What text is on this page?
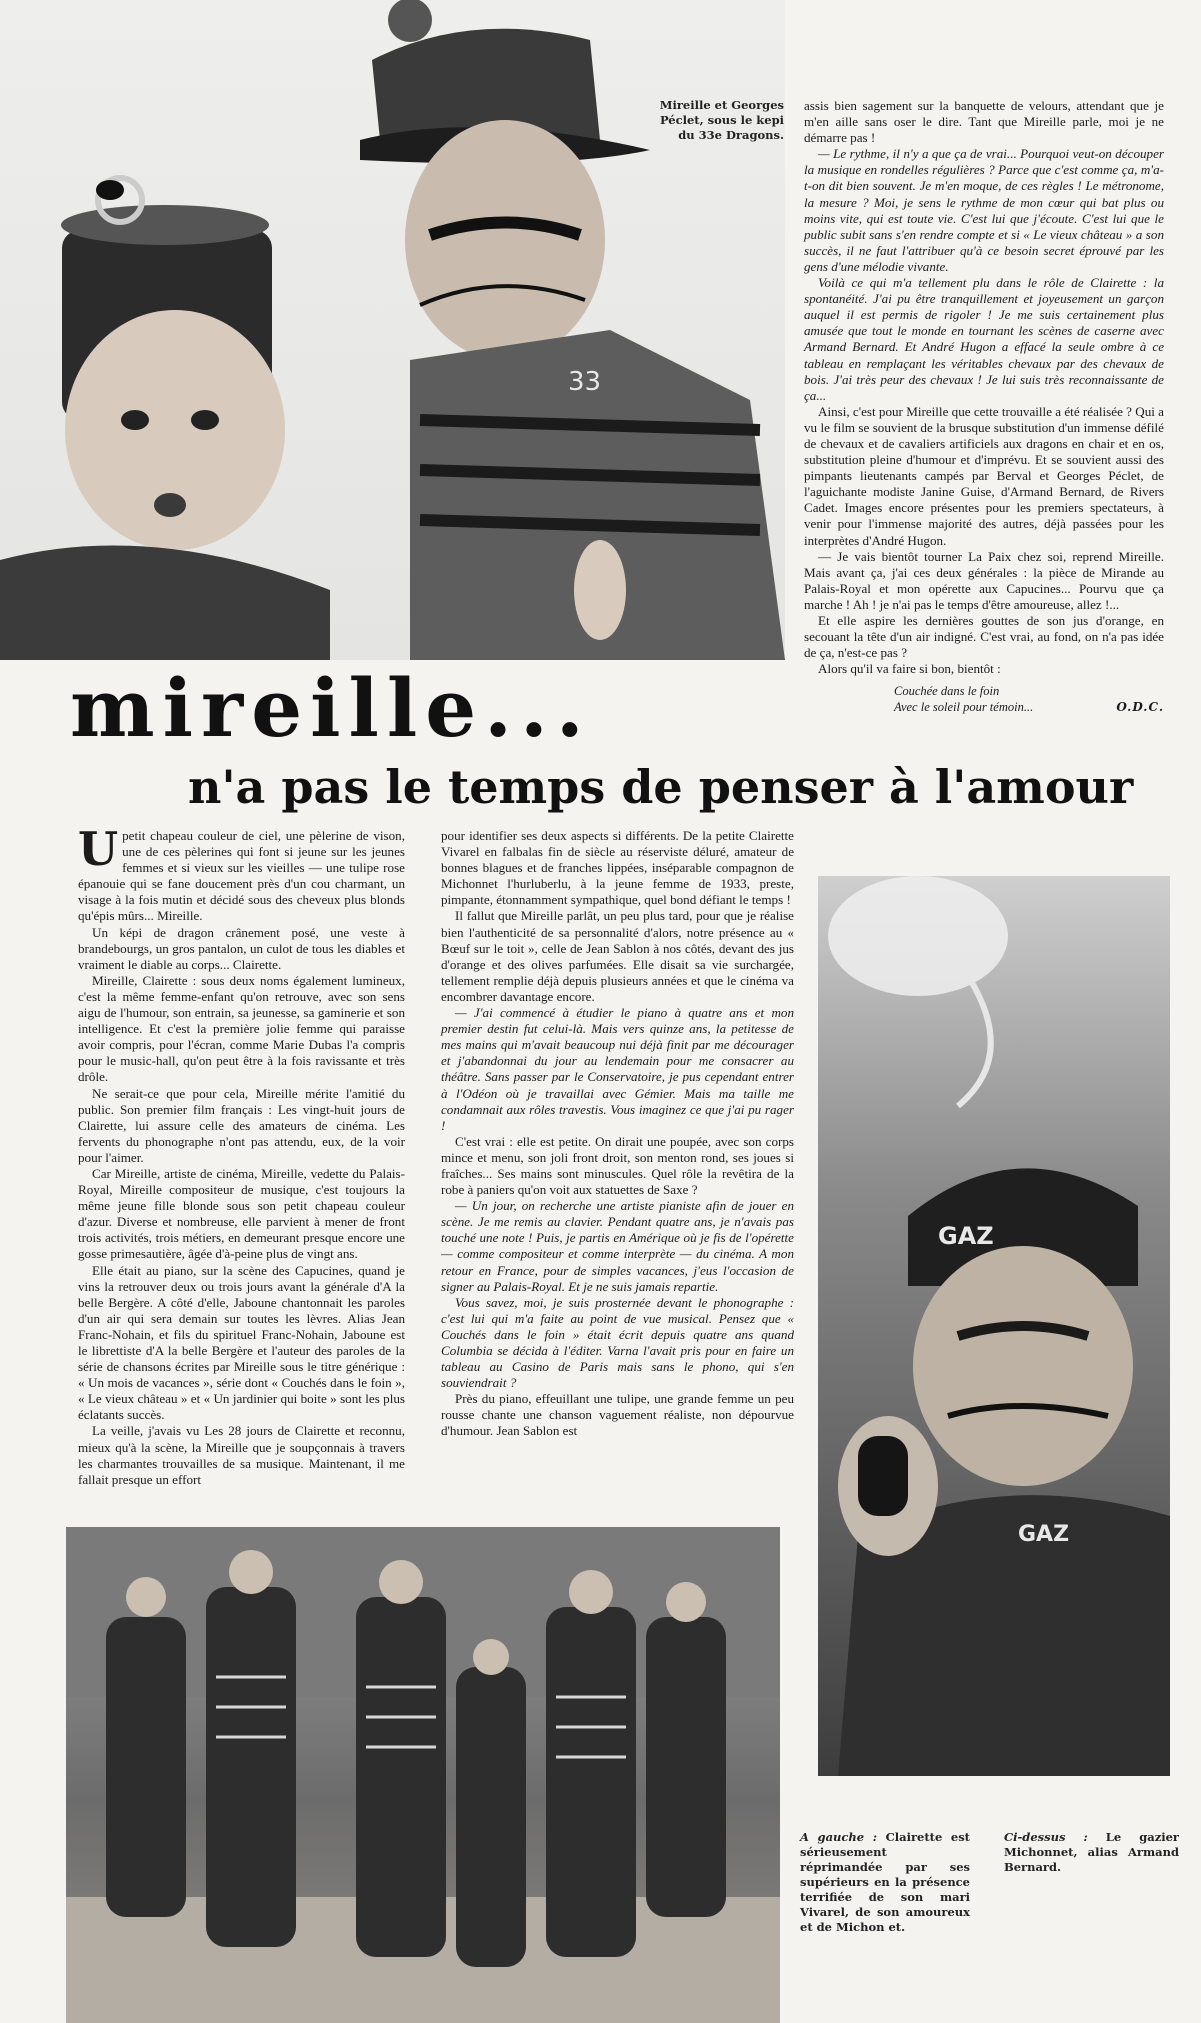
33
Mireille et Georges Péclet, sous le kepi du 33e Dragons.
mireille...
n'a pas le temps de penser à l'amour

assis bien sagement sur la banquette de velours, attendant que je m'en aille sans oser le dire. Tant que Mireille parle, moi je ne démarre pas !

— Le rythme, il n'y a que ça de vrai... Pourquoi veut-on découper la musique en rondelles régulières ? Parce que c'est comme ça, m'a-t-on dit bien souvent. Je m'en moque, de ces règles ! Le métronome, la mesure ? Moi, je sens le rythme de mon cœur qui bat plus ou moins vite, qui est toute vie. C'est lui que j'écoute. C'est lui que le public subit sans s'en rendre compte et si « Le vieux château » a son succès, il ne faut l'attribuer qu'à ce besoin secret éprouvé par les gens d'une mélodie vivante.

Voilà ce qui m'a tellement plu dans le rôle de Clairette : la spontanéité. J'ai pu être tranquillement et joyeusement un garçon auquel il est permis de rigoler ! Je me suis certainement plus amusée que tout le monde en tournant les scènes de caserne avec Armand Bernard. Et André Hugon a effacé la seule ombre à ce tableau en remplaçant les véritables chevaux par des chevaux de bois. J'ai très peur des chevaux ! Je lui suis très reconnaissante de ça...

Ainsi, c'est pour Mireille que cette trouvaille a été réalisée ? Qui a vu le film se souvient de la brusque substitution d'un immense défilé de chevaux et de cavaliers artificiels aux dragons en chair et en os, substitution pleine d'humour et d'imprévu. Et se souvient aussi des pimpants lieutenants campés par Berval et Georges Péclet, de l'aguichante modiste Janine Guise, d'Armand Bernard, de Rivers Cadet. Images encore présentes pour les premiers spectateurs, à venir pour l'immense majorité des autres, déjà passées pour les interprètes d'André Hugon.

— Je vais bientôt tourner La Paix chez soi, reprend Mireille. Mais avant ça, j'ai ces deux générales : la pièce de Mirande au Palais-Royal et mon opérette aux Capucines... Pourvu que ça marche ! Ah ! je n'ai pas le temps d'être amoureuse, allez !...

Et elle aspire les dernières gouttes de son jus d'orange, en secouant la tête d'un air indigné. C'est vrai, au fond, on n'a pas idée de ça, n'est-ce pas ?

Alors qu'il va faire si bon, bientôt :

Couchée dans le foin
Avec le soleil pour témoin...	O.D.C.

Upetit chapeau couleur de ciel, une pèlerine de vison, une de ces pèlerines qui font si jeune sur les jeunes femmes et si vieux sur les vieilles — une tulipe rose épanouie qui se fane doucement près d'un cou charmant, un visage à la fois mutin et décidé sous des cheveux plus blonds qu'épis mûrs... Mireille.

Un képi de dragon crânement posé, une veste à brandebourgs, un gros pantalon, un culot de tous les diables et vraiment le diable au corps... Clairette.

Mireille, Clairette : sous deux noms également lumineux, c'est la même femme-enfant qu'on retrouve, avec son sens aigu de l'humour, son entrain, sa jeunesse, sa gaminerie et son intelligence. Et c'est la première jolie femme qui paraisse avoir compris, pour l'écran, comme Marie Dubas l'a compris pour le music-hall, qu'on peut être à la fois ravissante et très drôle.

Ne serait-ce que pour cela, Mireille mérite l'amitié du public. Son premier film français : Les vingt-huit jours de Clairette, lui assure celle des amateurs de cinéma. Les fervents du phonographe n'ont pas attendu, eux, de la voir pour l'aimer.

Car Mireille, artiste de cinéma, Mireille, vedette du Palais-Royal, Mireille compositeur de musique, c'est toujours la même jeune fille blonde sous son petit chapeau couleur d'azur. Diverse et nombreuse, elle parvient à mener de front trois activités, trois métiers, en demeurant presque encore une gosse primesautière, âgée d'à-peine plus de vingt ans.

Elle était au piano, sur la scène des Capucines, quand je vins la retrouver deux ou trois jours avant la générale d'A la belle Bergère. A côté d'elle, Jaboune chantonnait les paroles d'un air qui sera demain sur toutes les lèvres. Alias Jean Franc-Nohain, et fils du spirituel Franc-Nohain, Jaboune est le librettiste d'A la belle Bergère et l'auteur des paroles de la série de chansons écrites par Mireille sous le titre générique : « Un mois de vacances », série dont « Couchés dans le foin », « Le vieux château » et « Un jardinier qui boite » sont les plus éclatants succès.

La veille, j'avais vu Les 28 jours de Clairette et reconnu, mieux qu'à la scène, la Mireille que je soupçonnais à travers les charmantes trouvailles de sa musique. Maintenant, il me fallait presque un effort

pour identifier ses deux aspects si différents. De la petite Clairette Vivarel en falbalas fin de siècle au réserviste déluré, amateur de bonnes blagues et de franches lippées, inséparable compagnon de Michonnet l'hurluberlu, à la jeune femme de 1933, preste, pimpante, étonnamment sympathique, quel bond défiant le temps !

Il fallut que Mireille parlât, un peu plus tard, pour que je réalise bien l'authenticité de sa personnalité d'alors, notre présence au « Bœuf sur le toit », celle de Jean Sablon à nos côtés, devant des jus d'orange et des olives parfumées. Elle disait sa vie surchargée, tellement remplie déjà depuis plusieurs années et que le cinéma va encombrer davantage encore.

— J'ai commencé à étudier le piano à quatre ans et mon premier destin fut celui-là. Mais vers quinze ans, la petitesse de mes mains qui m'avait beaucoup nui déjà finit par me décourager et j'abandonnai du jour au lendemain pour me consacrer au théâtre. Sans passer par le Conservatoire, je pus cependant entrer à l'Odéon où je travaillai avec Gémier. Mais ma taille me condamnait aux rôles travestis. Vous imaginez ce que j'ai pu rager !

C'est vrai : elle est petite. On dirait une poupée, avec son corps mince et menu, son joli front droit, son menton rond, ses joues si fraîches... Ses mains sont minuscules. Quel rôle la revêtira de la robe à paniers qu'on voit aux statuettes de Saxe ?

— Un jour, on recherche une artiste pianiste afin de jouer en scène. Je me remis au clavier. Pendant quatre ans, je n'avais pas touché une note ! Puis, je partis en Amérique où je fis de l'opérette — comme compositeur et comme interprète — du cinéma. A mon retour en France, pour de simples vacances, j'eus l'occasion de signer au Palais-Royal. Et je ne suis jamais repartie.

Vous savez, moi, je suis prosternée devant le phonographe : c'est lui qui m'a faite au point de vue musical. Pensez que « Couchés dans le foin » était écrit depuis quatre ans quand Columbia se décida à l'éditer. Varna l'avait pris pour en faire un tableau au Casino de Paris mais sans le phono, qui s'en souviendrait ?

Près du piano, effeuillant une tulipe, une grande femme un peu rousse chante une chanson vaguement réaliste, non dépourvue d'humour. Jean Sablon est

GAZ
GAZ
A gauche : Clairette est sérieusement réprimandée par ses supérieurs en la présence terrifiée de son mari Vivarel, de son amoureux et de Michon et.
Ci-dessus : Le gazier Michonnet, alias Armand Bernard.
